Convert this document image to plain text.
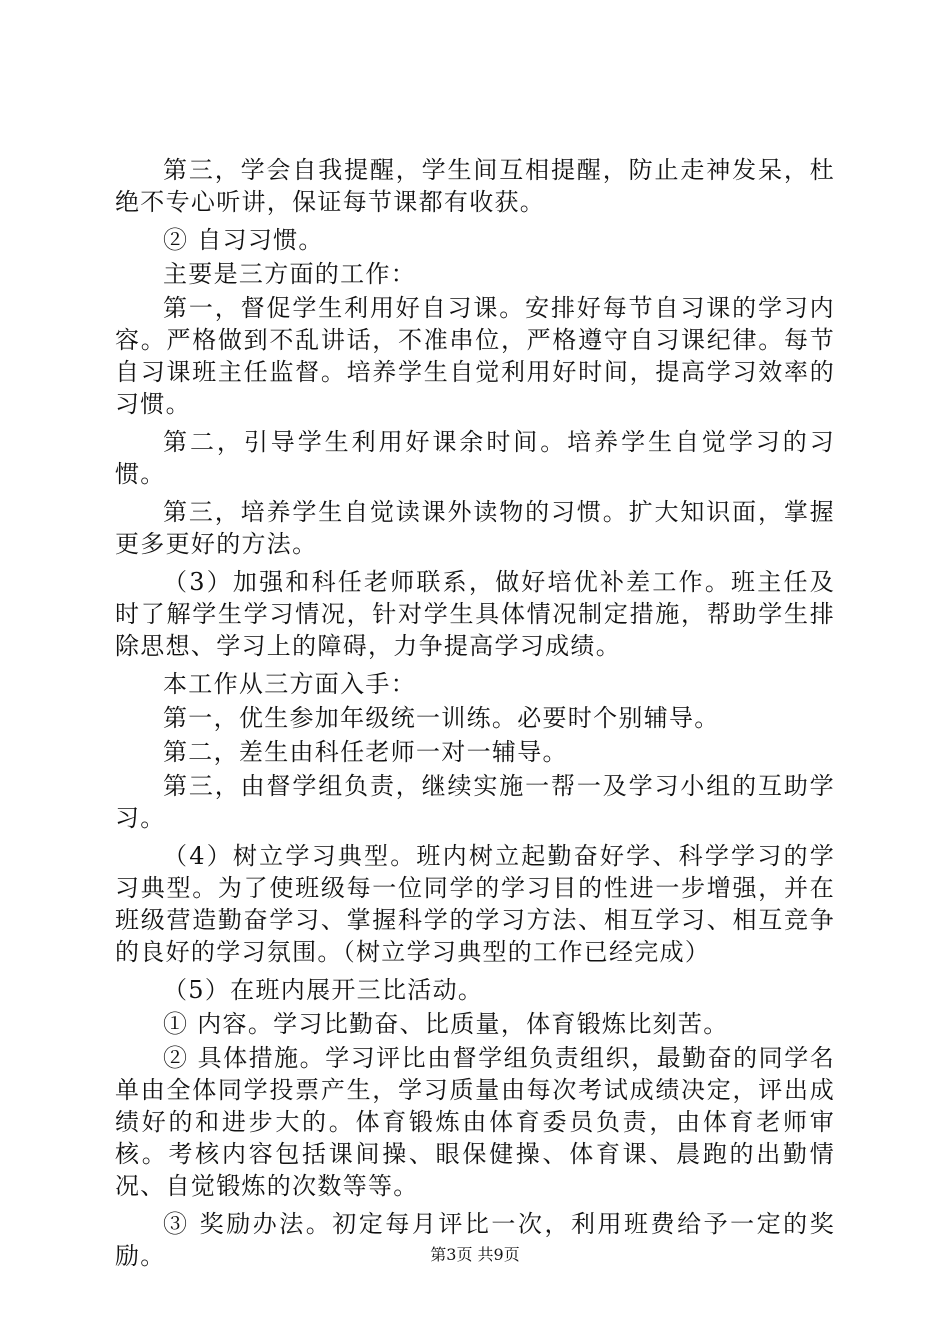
第三，学会自我提醒，学生间互相提醒，防止走神发呆，杜绝不专心听讲，保证每节课都有收获。

② 自习习惯。

主要是三方面的工作：

第一，督促学生利用好自习课。安排好每节自习课的学习内容。严格做到不乱讲话，不准串位，严格遵守自习课纪律。每节自习课班主任监督。培养学生自觉利用好时间，提高学习效率的习惯。

第二，引导学生利用好课余时间。培养学生自觉学习的习惯。

第三，培养学生自觉读课外读物的习惯。扩大知识面，掌握更多更好的方法。

（3）加强和科任老师联系，做好培优补差工作。班主任及时了解学生学习情况，针对学生具体情况制定措施，帮助学生排除思想、学习上的障碍，力争提高学习成绩。

本工作从三方面入手：

第一，优生参加年级统一训练。必要时个别辅导。

第二，差生由科任老师一对一辅导。

第三，由督学组负责，继续实施一帮一及学习小组的互助学习。

（4）树立学习典型。班内树立起勤奋好学、科学学习的学习典型。为了使班级每一位同学的学习目的性进一步增强，并在班级营造勤奋学习、掌握科学的学习方法、相互学习、相互竞争的良好的学习氛围。（树立学习典型的工作已经完成）

（5）在班内展开三比活动。

① 内容。学习比勤奋、比质量，体育锻炼比刻苦。

② 具体措施。学习评比由督学组负责组织，最勤奋的同学名单由全体同学投票产生，学习质量由每次考试成绩决定，评出成绩好的和进步大的。体育锻炼由体育委员负责，由体育老师审核。考核内容包括课间操、眼保健操、体育课、晨跑的出勤情况、自觉锻炼的次数等等。

③ 奖励办法。初定每月评比一次，利用班费给予一定的奖励。	第3页 共9页
